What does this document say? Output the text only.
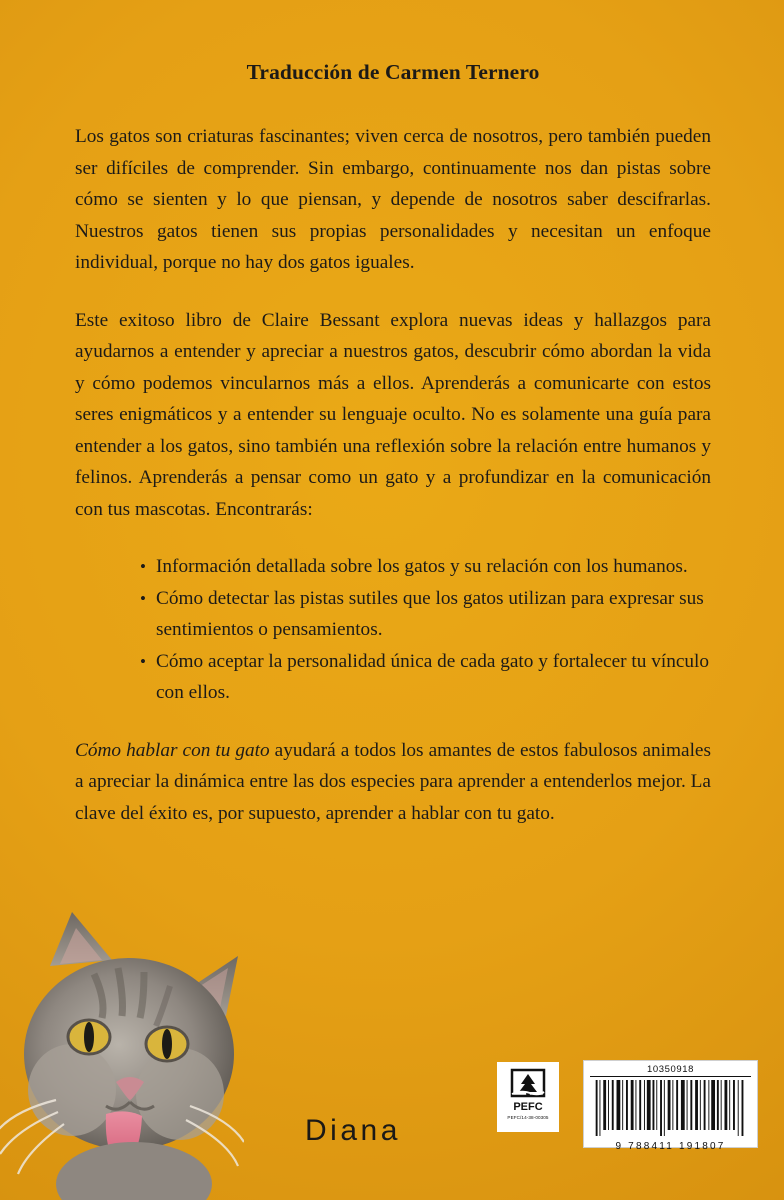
Traducción de Carmen Ternero

Los gatos son criaturas fascinantes; viven cerca de nosotros, pero también pueden ser difíciles de comprender. Sin embargo, continuamente nos dan pistas sobre cómo se sienten y lo que piensan, y depende de nosotros saber descifrarlas. Nuestros gatos tienen sus propias personalidades y necesitan un enfoque individual, porque no hay dos gatos iguales.

Este exitoso libro de Claire Bessant explora nuevas ideas y hallazgos para ayudarnos a entender y apreciar a nuestros gatos, descubrir cómo abordan la vida y cómo podemos vincularnos más a ellos. Aprenderás a comunicarte con estos seres enigmáticos y a entender su lenguaje oculto. No es solamente una guía para entender a los gatos, sino también una reflexión sobre la relación entre humanos y felinos. Aprenderás a pensar como un gato y a profundizar en la comunicación con tus mascotas. Encontrarás:

• Información detallada sobre los gatos y su relación con los humanos.
• Cómo detectar las pistas sutiles que los gatos utilizan para expresar sus sentimientos o pensamientos.
• Cómo aceptar la personalidad única de cada gato y fortalecer tu vínculo con ellos.

Cómo hablar con tu gato ayudará a todos los amantes de estos fabulosos animales a apreciar la dinámica entre las dos especies para aprender a entenderlos mejor. La clave del éxito es, por supuesto, aprender a hablar con tu gato.

Diana
PEFC
PEFC/14-38-00305
10350918
9 788411 191807
